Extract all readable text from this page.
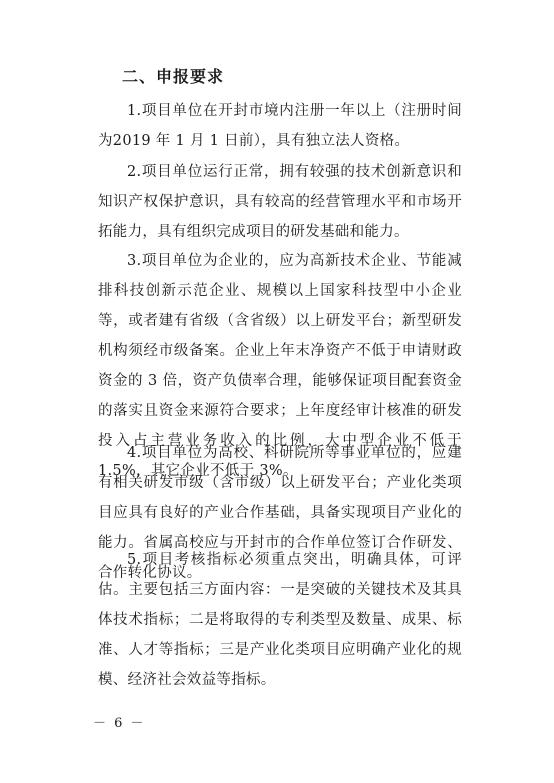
二、申报要求
1.项目单位在开封市境内注册一年以上（注册时间为2019 年 1 月 1 日前），具有独立法人资格。
2.项目单位运行正常，拥有较强的技术创新意识和知识产权保护意识，具有较高的经营管理水平和市场开拓能力，具有组织完成项目的研发基础和能力。
3.项目单位为企业的，应为高新技术企业、节能减排科技创新示范企业、规模以上国家科技型中小企业等，或者建有省级（含省级）以上研发平台；新型研发机构须经市级备案。企业上年末净资产不低于申请财政资金的 3 倍，资产负债率合理，能够保证项目配套资金的落实且资金来源符合要求；上年度经审计核准的研发投入占主营业务收入的比例，大中型企业不低于 1.5%，其它企业不低于 3%。
4.项目单位为高校、科研院所等事业单位的，应建有相关研发市级（含市级）以上研发平台；产业化类项目应具有良好的产业合作基础，具备实现项目产业化的能力。省属高校应与开封市的合作单位签订合作研发、合作转化协议。
5.项目考核指标必须重点突出，明确具体，可评估。主要包括三方面内容：一是突破的关键技术及其具体技术指标；二是将取得的专利类型及数量、成果、标准、人才等指标；三是产业化类项目应明确产业化的规模、经济社会效益等指标。
－ 6 －
